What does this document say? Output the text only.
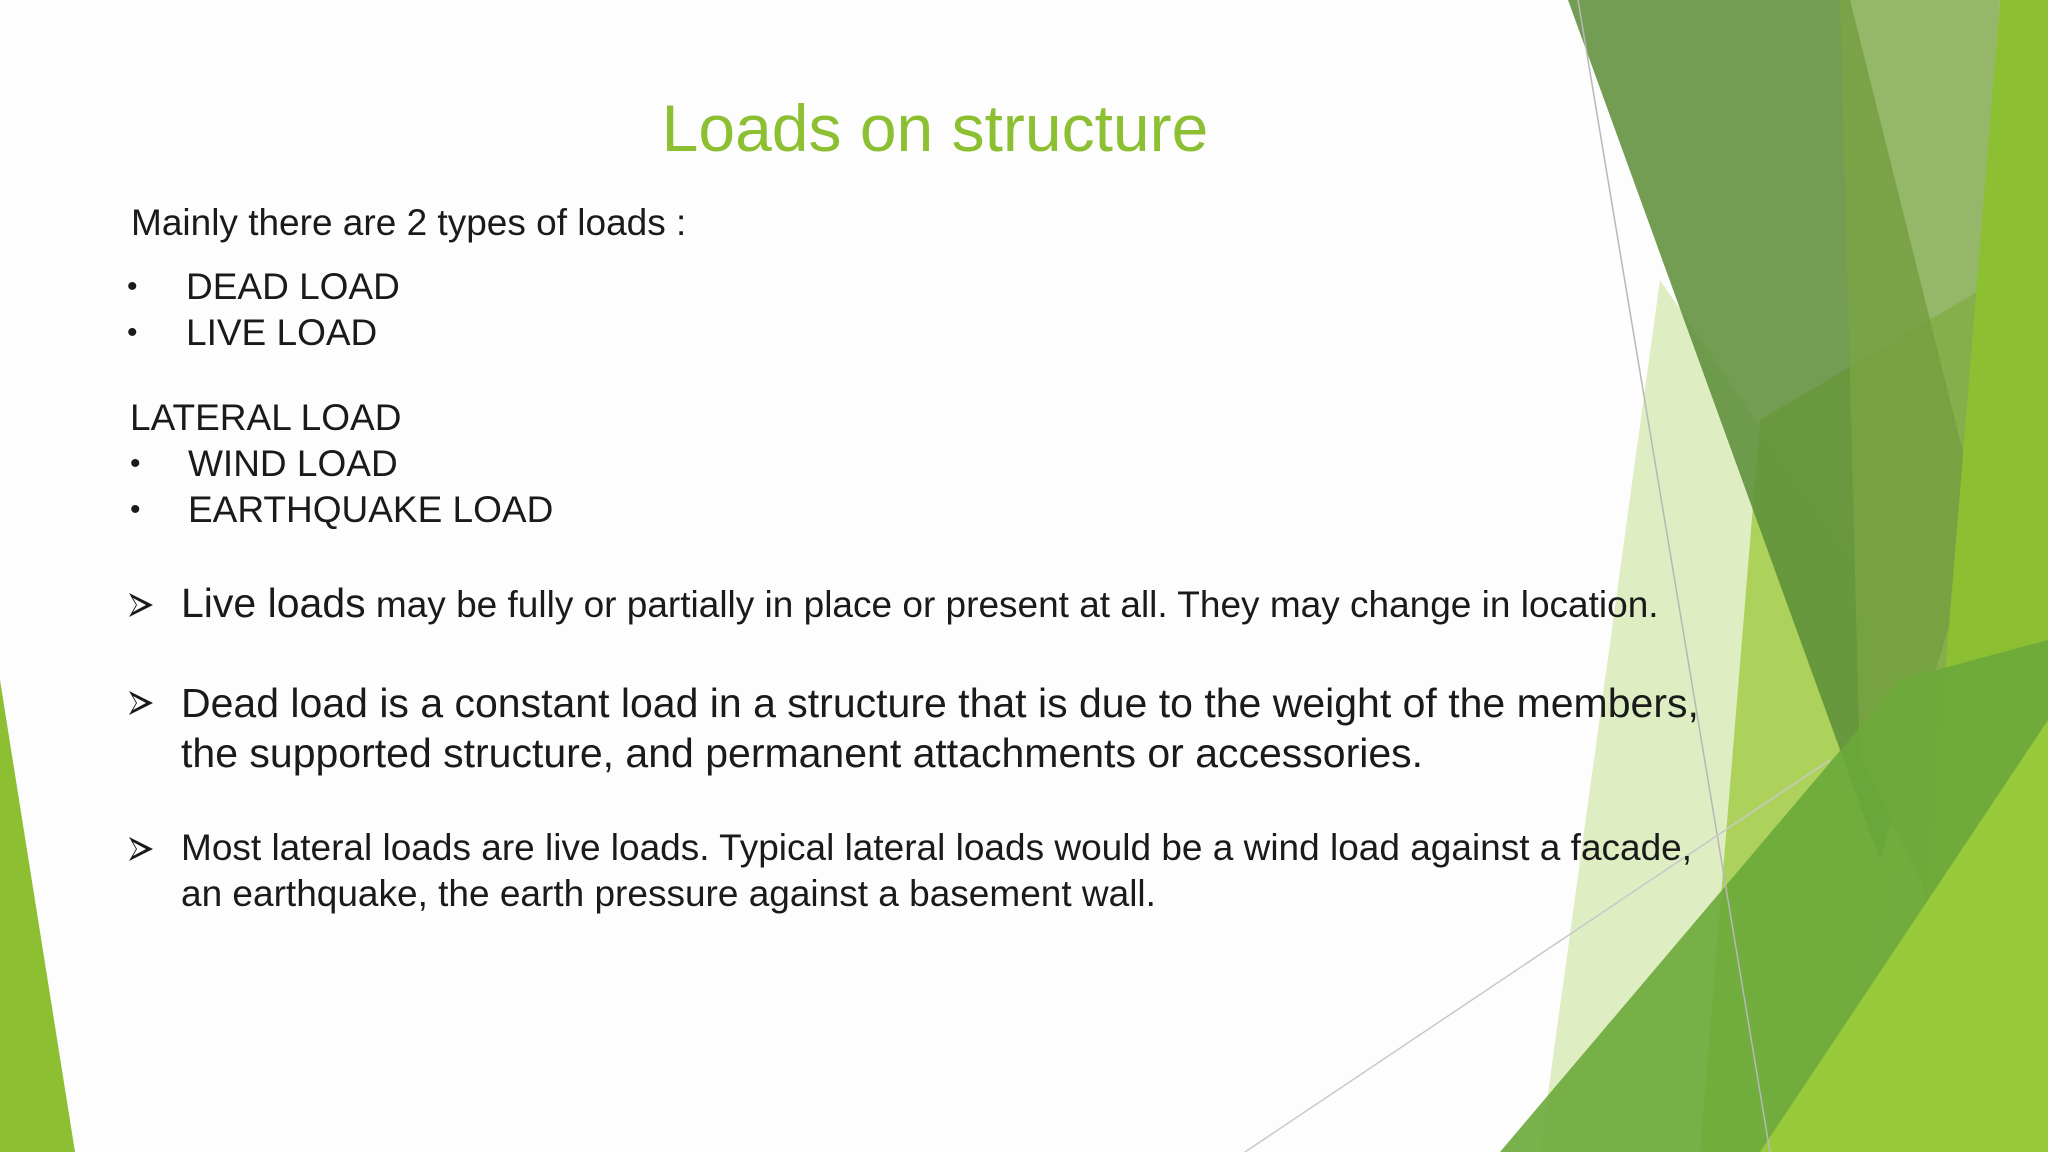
Loads on structure
Mainly there are 2 types of loads :
• DEAD LOAD
• LIVE LOAD
LATERAL LOAD
• WIND LOAD
• EARTHQUAKE LOAD
Live loads may be fully or partially in place or present at all. They may change in location.
Dead load is a constant load in a structure that is due to the weight of the members,
the supported structure, and permanent attachments or accessories.
Most lateral loads are live loads. Typical lateral loads would be a wind load against a facade,
an earthquake, the earth pressure against a basement wall.
